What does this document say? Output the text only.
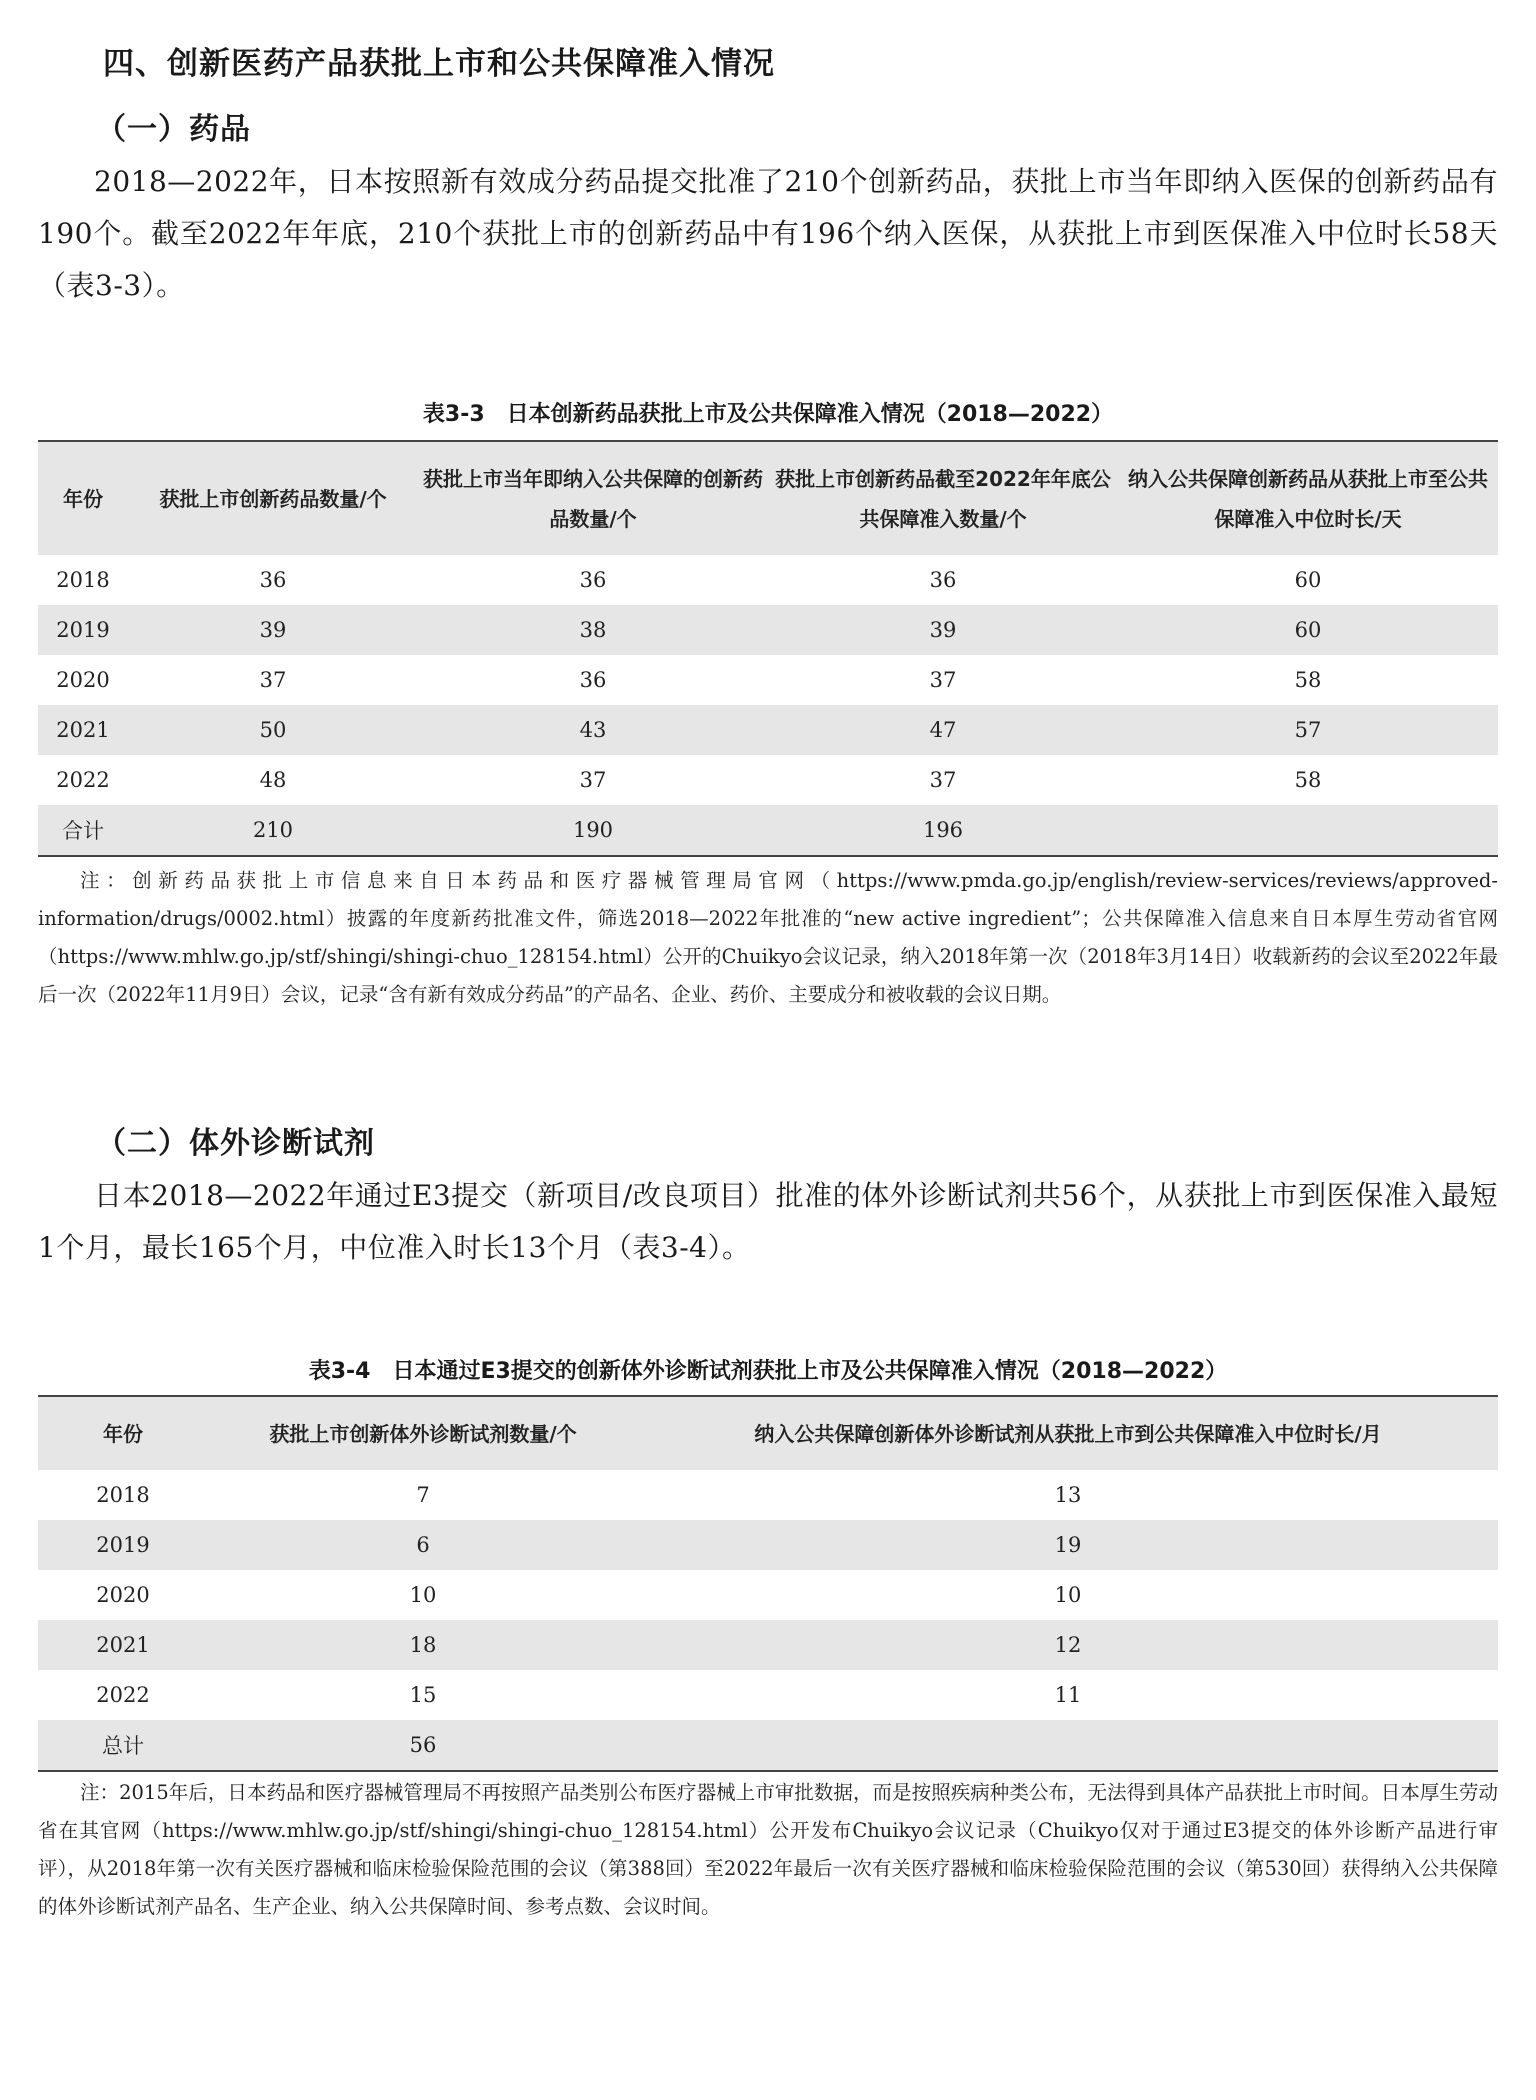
四、创新医药产品获批上市和公共保障准入情况
（一）药品
2018—2022年，日本按照新有效成分药品提交批准了210个创新药品，获批上市当年即纳入医保的创新药品有190个。截至2022年年底，210个获批上市的创新药品中有196个纳入医保，从获批上市到医保准入中位时长58天（表3-3）。
表3-3　日本创新药品获批上市及公共保障准入情况（2018—2022）
年份	获批上市创新药品数量/个	获批上市当年即纳入公共保障的创新药品数量/个	获批上市创新药品截至2022年年底公共保障准入数量/个	纳入公共保障创新药品从获批上市至公共保障准入中位时长/天
2018	36	36	36	60
2019	39	38	39	60
2020	37	36	37	58
2021	50	43	47	57
2022	48	37	37	58
合计	210	190	196	
注：创新药品获批上市信息来自日本药品和医疗器械管理局官网（https://www.pmda.go.jp/english/review-services/reviews/approved-information/drugs/0002.html）披露的年度新药批准文件，筛选2018—2022年批准的“new active ingredient”；公共保障准入信息来自日本厚生劳动省官网（https://www.mhlw.go.jp/stf/shingi/shingi-chuo_128154.html）公开的Chuikyo会议记录，纳入2018年第一次（2018年3月14日）收载新药的会议至2022年最后一次（2022年11月9日）会议，记录“含有新有效成分药品”的产品名、企业、药价、主要成分和被收载的会议日期。
（二）体外诊断试剂
日本2018—2022年通过E3提交（新项目/改良项目）批准的体外诊断试剂共56个，从获批上市到医保准入最短1个月，最长165个月，中位准入时长13个月（表3-4）。
表3-4　日本通过E3提交的创新体外诊断试剂获批上市及公共保障准入情况（2018—2022）
年份	获批上市创新体外诊断试剂数量/个	纳入公共保障创新体外诊断试剂从获批上市到公共保障准入中位时长/月
2018	7	13
2019	6	19
2020	10	10
2021	18	12
2022	15	11
总计	56	
注：2015年后，日本药品和医疗器械管理局不再按照产品类别公布医疗器械上市审批数据，而是按照疾病种类公布，无法得到具体产品获批上市时间。日本厚生劳动省在其官网（https://www.mhlw.go.jp/stf/shingi/shingi-chuo_128154.html）公开发布Chuikyo会议记录（Chuikyo仅对于通过E3提交的体外诊断产品进行审评），从2018年第一次有关医疗器械和临床检验保险范围的会议（第388回）至2022年最后一次有关医疗器械和临床检验保险范围的会议（第530回）获得纳入公共保障的体外诊断试剂产品名、生产企业、纳入公共保障时间、参考点数、会议时间。
